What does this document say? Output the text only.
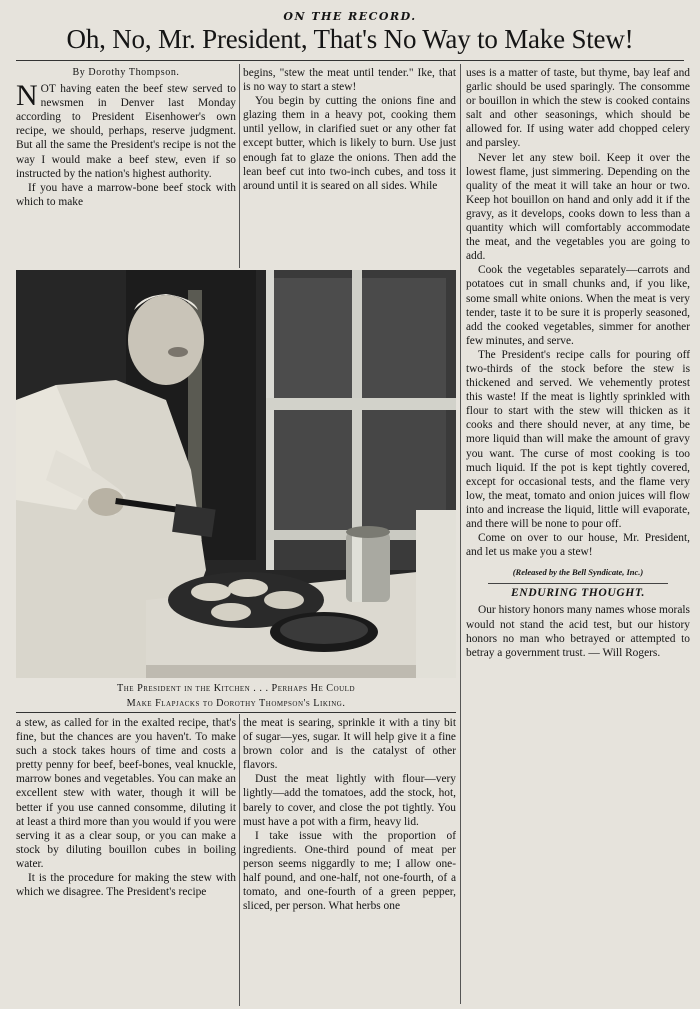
ON THE RECORD.
Oh, No, Mr. President, That's No Way to Make Stew!
By Dorothy Thompson.

NOT having eaten the beef stew served to newsmen in Denver last Monday according to President Eisenhower's own recipe, we should, perhaps, reserve judgment. But all the same the President's recipe is not the way I would make a beef stew, even if so instructed by the nation's highest authority.

If you have a marrow-bone beef stock with which to make

begins, "stew the meat until tender." Ike, that is no way to start a stew!

You begin by cutting the onions fine and glazing them in a heavy pot, cooking them until yellow, in clarified suet or any other fat except butter, which is likely to burn. Use just enough fat to glaze the onions. Then add the lean beef cut into two-inch cubes, and toss it around until it is seared on all sides. While

uses is a matter of taste, but thyme, bay leaf and garlic should be used sparingly. The consomme or bouillon in which the stew is cooked contains salt and other seasonings, which should be allowed for. If using water add chopped celery and parsley.

Never let any stew boil. Keep it over the lowest flame, just simmering. Depending on the quality of the meat it will take an hour or two. Keep hot bouillon on hand and only add it if the gravy, as it develops, cooks down to less than a quantity which will comfortably accommodate the meat, and the vegetables you are going to add.

Cook the vegetables separately—carrots and potatoes cut in small chunks and, if you like, some small white onions. When the meat is very tender, taste it to be sure it is properly seasoned, add the cooked vegetables, simmer for another few minutes, and serve.

The President's recipe calls for pouring off two-thirds of the stock before the stew is thickened and served. We vehemently protest this waste! If the meat is lightly sprinkled with flour to start with the stew will thicken as it cooks and there should never, at any time, be more liquid than will make the amount of gravy you want. The curse of most cooking is too much liquid. If the pot is kept tightly covered, except for occasional tests, and the flame very low, the meat, tomato and onion juices will flow into and increase the liquid, little will evaporate, and there will be none to pour off.

Come on over to our house, Mr. President, and let us make you a stew!

(Released by the Bell Syndicate, Inc.)
ENDURING THOUGHT.

Our history honors many names whose morals would not stand the acid test, but our history honors no man who betrayed or attempted to betray a government trust. — Will Rogers.

The President in the Kitchen . . . Perhaps He Could
Make Flapjacks to Dorothy Thompson's Liking.

a stew, as called for in the exalted recipe, that's fine, but the chances are you haven't. To make such a stock takes hours of time and costs a pretty penny for beef, beef-bones, veal knuckle, marrow bones and vegetables. You can make an excellent stew with water, though it will be better if you use canned consomme, diluting it at least a third more than you would if you were serving it as a clear soup, or you can make a stock by diluting bouillon cubes in boiling water.

It is the procedure for making the stew with which we disagree. The President's recipe

the meat is searing, sprinkle it with a tiny bit of sugar—yes, sugar. It will help give it a fine brown color and is the catalyst of other flavors.

Dust the meat lightly with flour—very lightly—add the tomatoes, add the stock, hot, barely to cover, and close the pot tightly. You must have a pot with a firm, heavy lid.

I take issue with the proportion of ingredients. One-third pound of meat per person seems niggardly to me; I allow one-half pound, and one-half, not one-fourth, of a tomato, and one-fourth of a green pepper, sliced, per person. What herbs one
